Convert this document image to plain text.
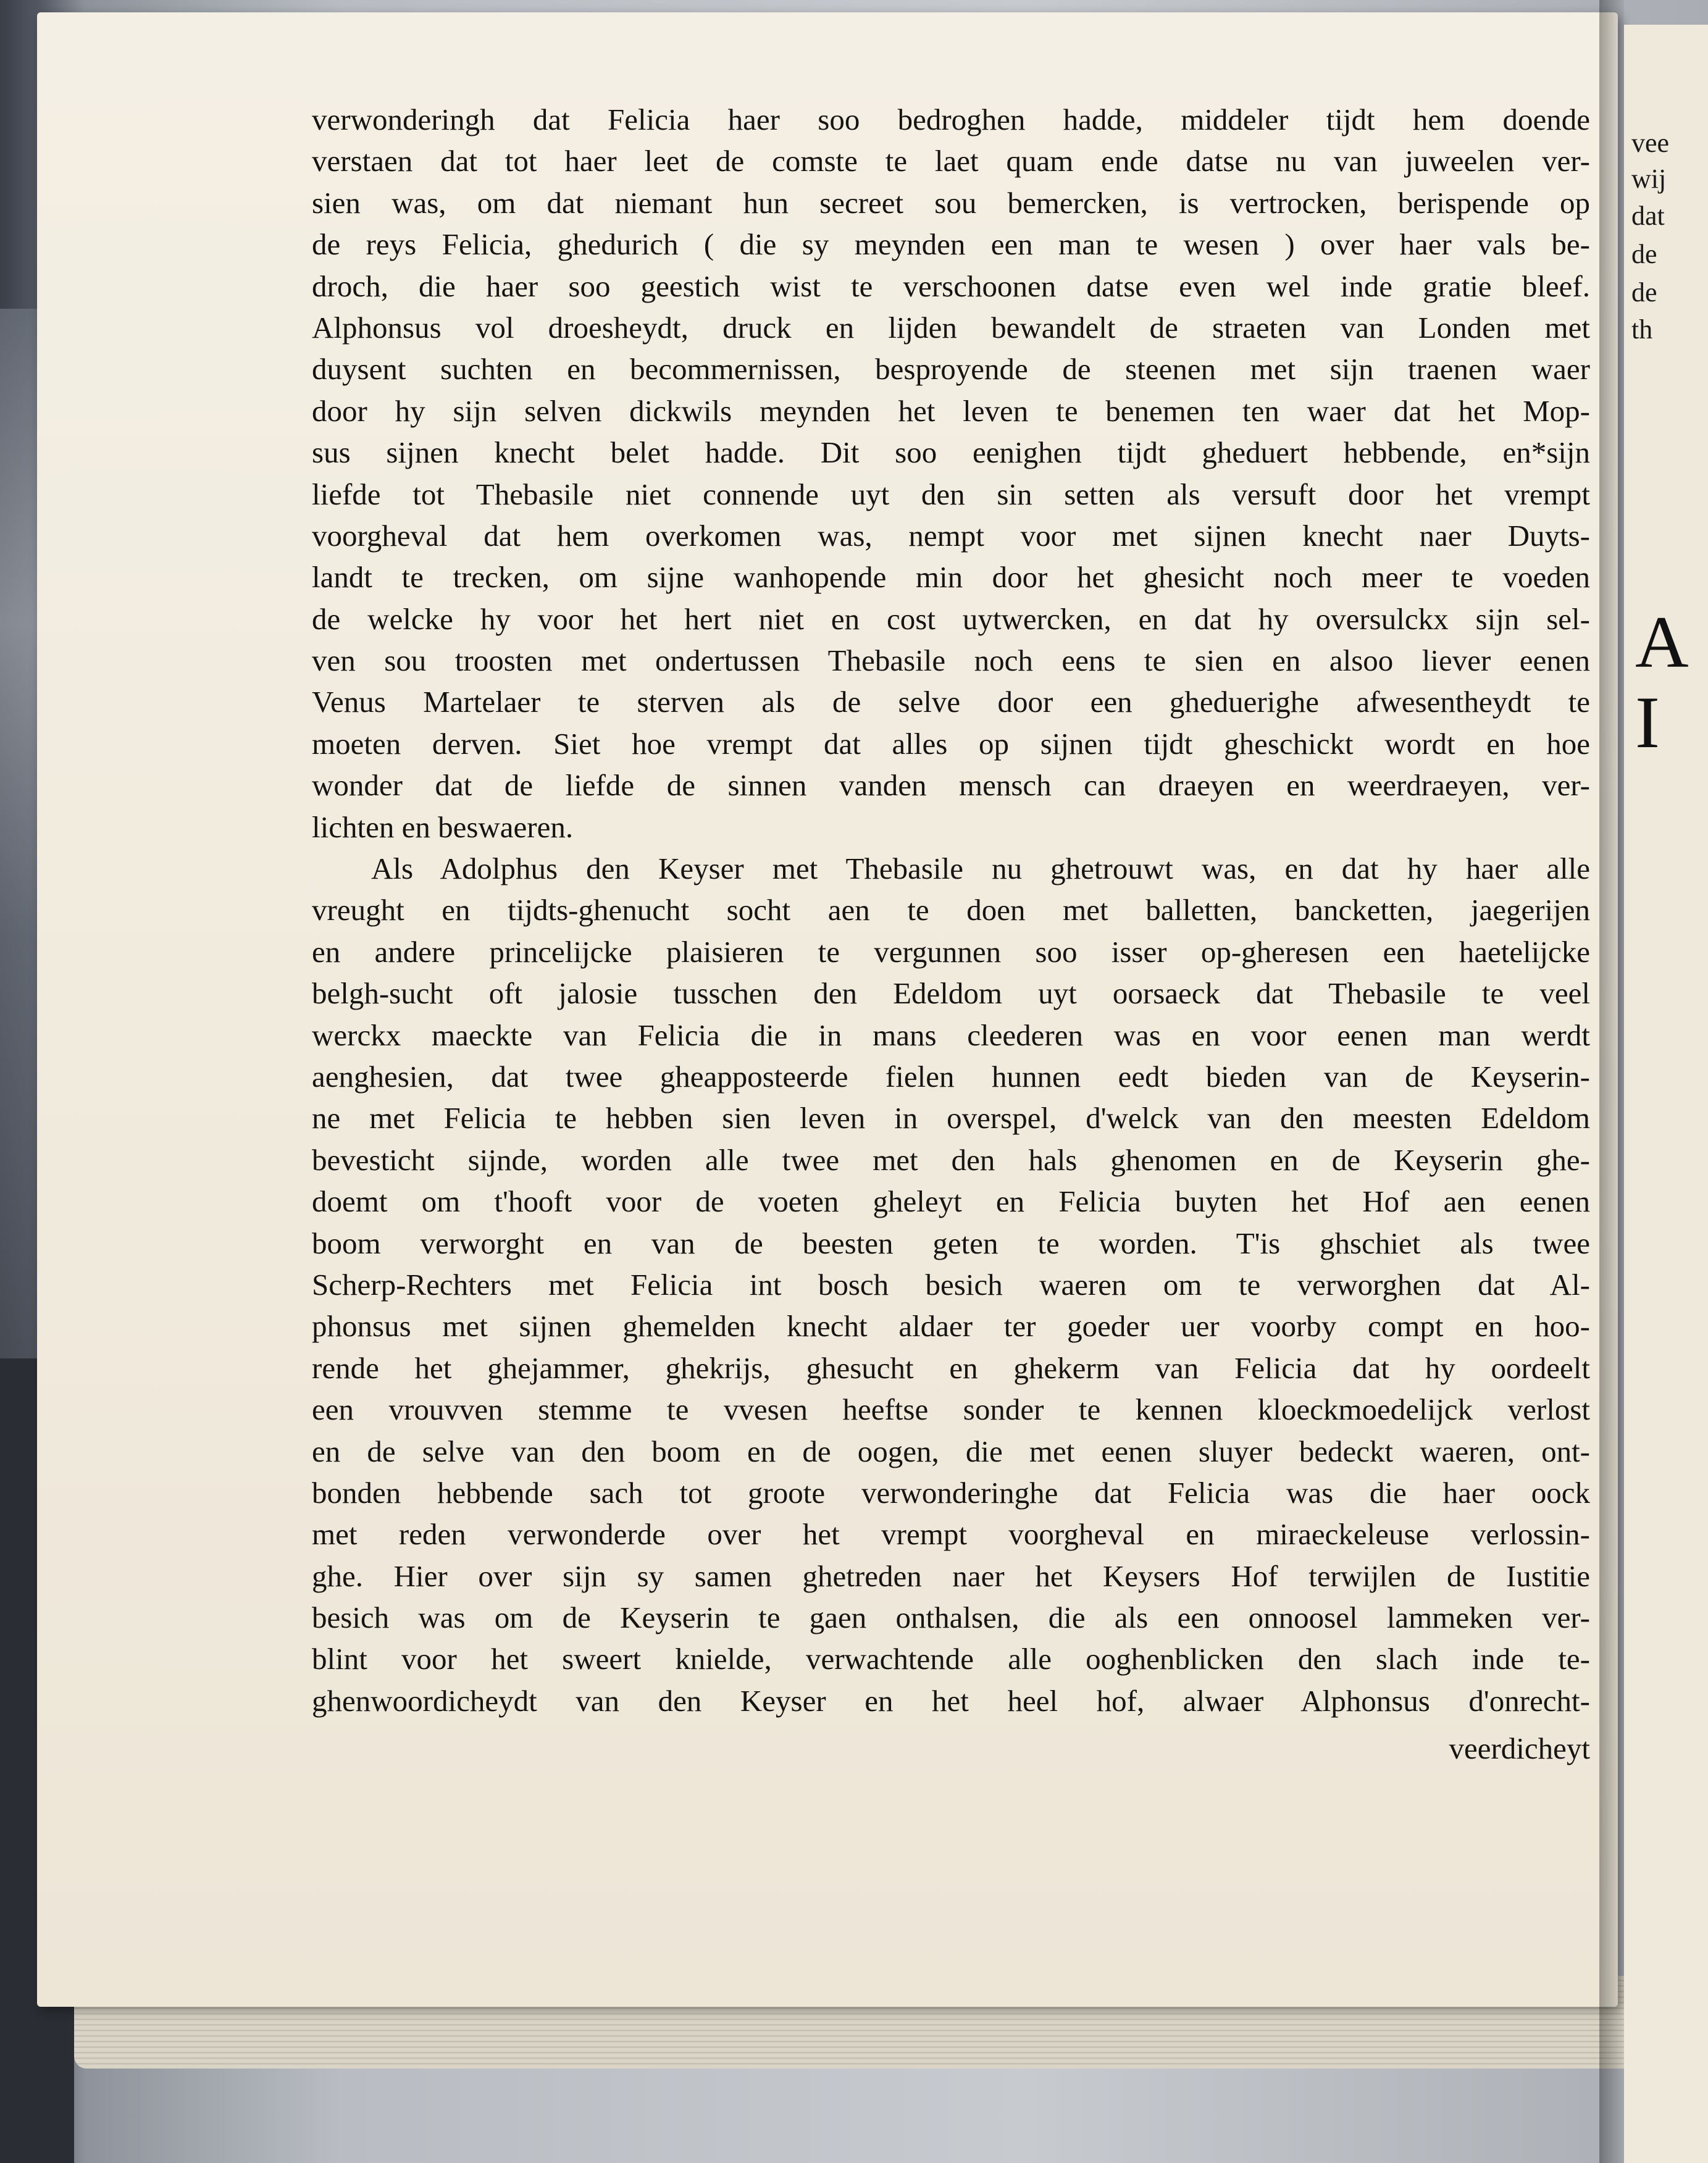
vee
wij
dat
de
de
th
A
I
verwonderingh dat Felicia haer soo bedroghen hadde, middeler tijdt hem doende
verstaen dat tot haer leet de comste te laet quam ende datse nu van juweelen ver-
sien was, om dat niemant hun secreet sou bemercken, is vertrocken, berispende op
de reys Felicia, ghedurich ( die sy meynden een man te wesen ) over haer vals be-
droch, die haer soo geestich wist te verschoonen datse even wel inde gratie bleef.
Alphonsus vol droesheydt, druck en lijden bewandelt de straeten van Londen met
duysent suchten en becommernissen, besproyende de steenen met sijn traenen waer
door hy sijn selven dickwils meynden het leven te benemen ten waer dat het Mop-
sus sijnen knecht belet hadde. Dit soo eenighen tijdt gheduert hebbende, en*sijn
liefde tot Thebasile niet connende uyt den sin setten als versuft door het vrempt
voorgheval dat hem overkomen was, nempt voor met sijnen knecht naer Duyts-
landt te trecken, om sijne wanhopende min door het ghesicht noch meer te voeden
de welcke hy voor het hert niet en cost uytwercken, en dat hy oversulckx sijn sel-
ven sou troosten met ondertussen Thebasile noch eens te sien en alsoo liever eenen
Venus Martelaer te sterven als de selve door een gheduerighe afwesentheydt te
moeten derven. Siet hoe vrempt dat alles op sijnen tijdt gheschickt wordt en hoe
wonder dat de liefde de sinnen vanden mensch can draeyen en weerdraeyen, ver-
lichten en beswaeren.
Als Adolphus den Keyser met Thebasile nu ghetrouwt was, en dat hy haer alle
vreught en tijdts-ghenucht socht aen te doen met balletten, bancketten, jaegerijen
en andere princelijcke plaisieren te vergunnen soo isser op-gheresen een haetelijcke
belgh-sucht oft jalosie tusschen den Edeldom uyt oorsaeck dat Thebasile te veel
werckx maeckte van Felicia die in mans cleederen was en voor eenen man werdt
aenghesien, dat twee gheapposteerde fielen hunnen eedt bieden van de Keyserin-
ne met Felicia te hebben sien leven in overspel, d'welck van den meesten Edeldom
bevesticht sijnde, worden alle twee met den hals ghenomen en de Keyserin ghe-
doemt om t'hooft voor de voeten gheleyt en Felicia buyten het Hof aen eenen
boom verworght en van de beesten geten te worden. T'is ghschiet als twee
Scherp-Rechters met Felicia int bosch besich waeren om te verworghen dat Al-
phonsus met sijnen ghemelden knecht aldaer ter goeder uer voorby compt en hoo-
rende het ghejammer, ghekrijs, ghesucht en ghekerm van Felicia dat hy oordeelt
een vrouvven stemme te vvesen heeftse sonder te kennen kloeckmoedelijck verlost
en de selve van den boom en de oogen, die met eenen sluyer bedeckt waeren, ont-
bonden hebbende sach tot groote verwonderinghe dat Felicia was die haer oock
met reden verwonderde over het vrempt voorgheval en miraeckeleuse verlossin-
ghe. Hier over sijn sy samen ghetreden naer het Keysers Hof terwijlen de Iustitie
besich was om de Keyserin te gaen onthalsen, die als een onnoosel lammeken ver-
blint voor het sweert knielde, verwachtende alle ooghenblicken den slach inde te-
ghenwoordicheydt van den Keyser en het heel hof, alwaer Alphonsus d'onrecht-
veerdicheyt
